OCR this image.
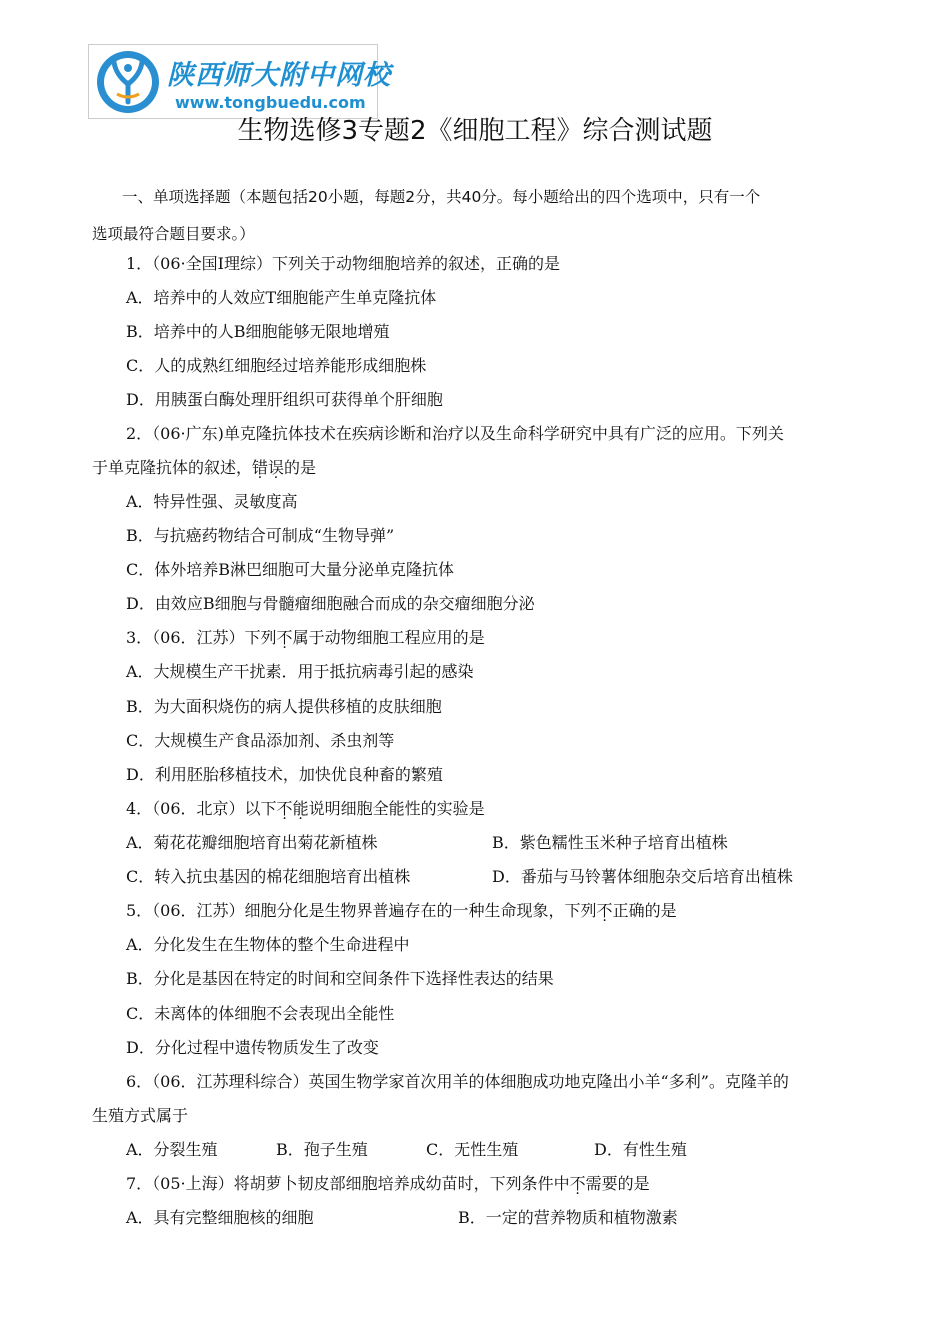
陕西师大附中网校
www.tongbuedu.com
生物选修3专题2《细胞工程》综合测试题

一、单项选择题（本题包括20小题，每题2分，共40分。每小题给出的四个选项中，只有一个

选项最符合题目要求。）

1．（06·全国Ⅰ理综）下列关于动物细胞培养的叙述，正确的是

A．培养中的人效应T细胞能产生单克隆抗体

B．培养中的人B细胞能够无限地增殖

C．人的成熟红细胞经过培养能形成细胞株

D．用胰蛋白酶处理肝组织可获得单个肝细胞

2．（06·广东)单克隆抗体技术在疾病诊断和治疗以及生命科学研究中具有广泛的应用。下列关

于单克隆抗体的叙述，错误的是

A．特异性强、灵敏度高

B．与抗癌药物结合可制成“生物导弹”

C．体外培养B淋巴细胞可大量分泌单克隆抗体

D．由效应B细胞与骨髓瘤细胞融合而成的杂交瘤细胞分泌

3．（06．江苏）下列不属于动物细胞工程应用的是

A．大规模生产干扰素．用于抵抗病毒引起的感染

B．为大面积烧伤的病人提供移植的皮肤细胞

C．大规模生产食品添加剂、杀虫剂等

D．利用胚胎移植技术，加快优良种畜的繁殖

4．（06．北京）以下不能说明细胞全能性的实验是

A．菊花花瓣细胞培育出菊花新植株	B．紫色糯性玉米种子培育出植株

C．转入抗虫基因的棉花细胞培育出植株	D．番茄与马铃薯体细胞杂交后培育出植株

5．（06．江苏）细胞分化是生物界普遍存在的一种生命现象，下列不正确的是

A．分化发生在生物体的整个生命进程中

B．分化是基因在特定的时间和空间条件下选择性表达的结果

C．未离体的体细胞不会表现出全能性

D．分化过程中遗传物质发生了改变

6．（06．江苏理科综合）英国生物学家首次用羊的体细胞成功地克隆出小羊“多利”。克隆羊的

生殖方式属于

A．分裂生殖	B．孢子生殖	C．无性生殖	D．有性生殖

7．（05·上海）将胡萝卜韧皮部细胞培养成幼苗时，下列条件中不需要的是

A．具有完整细胞核的细胞	B．一定的营养物质和植物激素
